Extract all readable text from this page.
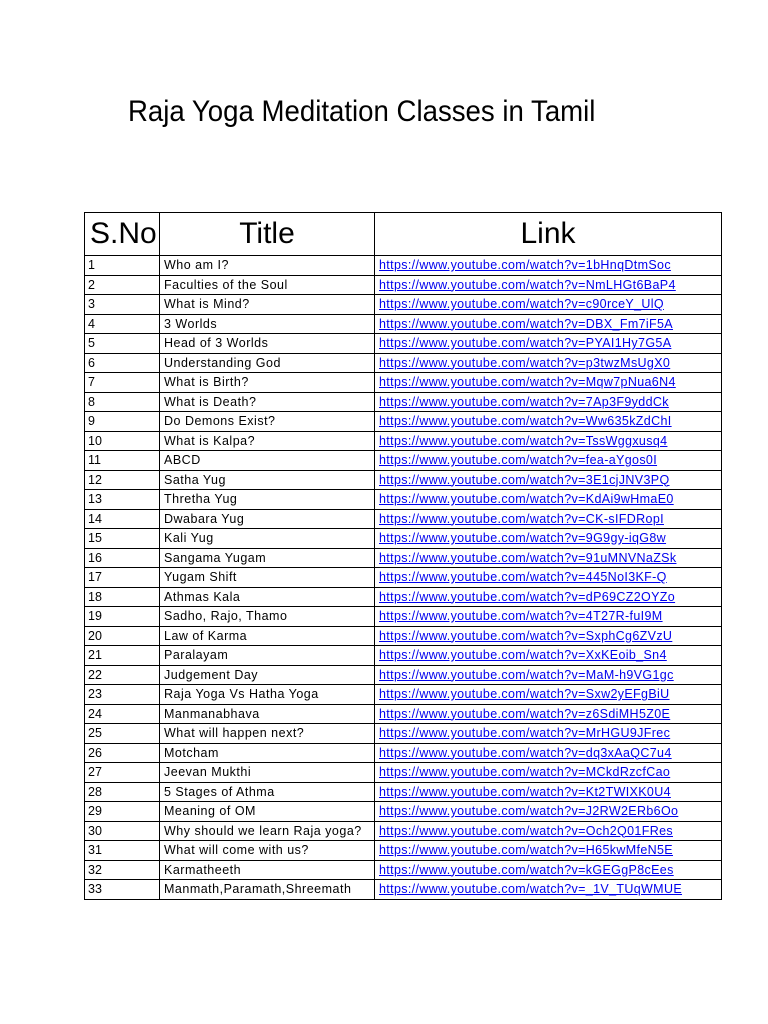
Raja Yoga Meditation Classes in Tamil
S.No	Title	Link
1	Who am I?	https://www.youtube.com/watch?v=1bHnqDtmSoc
2	Faculties of the Soul	https://www.youtube.com/watch?v=NmLHGt6BaP4
3	What is Mind?	https://www.youtube.com/watch?v=c90rceY_UlQ
4	3 Worlds	https://www.youtube.com/watch?v=DBX_Fm7iF5A
5	Head of 3 Worlds	https://www.youtube.com/watch?v=PYAI1Hy7G5A
6	Understanding God	https://www.youtube.com/watch?v=p3twzMsUgX0
7	What is Birth?	https://www.youtube.com/watch?v=Mqw7pNua6N4
8	What is Death?	https://www.youtube.com/watch?v=7Ap3F9yddCk
9	Do Demons Exist?	https://www.youtube.com/watch?v=Ww635kZdChI
10	What is Kalpa?	https://www.youtube.com/watch?v=TssWggxusq4
11	ABCD	https://www.youtube.com/watch?v=fea-aYgos0I
12	Satha Yug	https://www.youtube.com/watch?v=3E1cjJNV3PQ
13	Thretha Yug	https://www.youtube.com/watch?v=KdAi9wHmaE0
14	Dwabara Yug	https://www.youtube.com/watch?v=CK-sIFDRopI
15	Kali Yug	https://www.youtube.com/watch?v=9G9gy-iqG8w
16	Sangama Yugam	https://www.youtube.com/watch?v=91uMNVNaZSk
17	Yugam Shift	https://www.youtube.com/watch?v=445NoI3KF-Q
18	Athmas Kala	https://www.youtube.com/watch?v=dP69CZ2OYZo
19	Sadho, Rajo, Thamo	https://www.youtube.com/watch?v=4T27R-fuI9M
20	Law of Karma	https://www.youtube.com/watch?v=SxphCg6ZVzU
21	Paralayam	https://www.youtube.com/watch?v=XxKEoib_Sn4
22	Judgement Day	https://www.youtube.com/watch?v=MaM-h9VG1gc
23	Raja Yoga Vs Hatha Yoga	https://www.youtube.com/watch?v=Sxw2yEFgBiU
24	Manmanabhava	https://www.youtube.com/watch?v=z6SdiMH5Z0E
25	What will happen next?	https://www.youtube.com/watch?v=MrHGU9JFrec
26	Motcham	https://www.youtube.com/watch?v=dq3xAaQC7u4
27	Jeevan Mukthi	https://www.youtube.com/watch?v=MCkdRzcfCao
28	5 Stages of Athma	https://www.youtube.com/watch?v=Kt2TWIXK0U4
29	Meaning of OM	https://www.youtube.com/watch?v=J2RW2ERb6Oo
30	Why should we learn Raja yoga?	https://www.youtube.com/watch?v=Och2Q01FRes
31	What will come with us?	https://www.youtube.com/watch?v=H65kwMfeN5E
32	Karmatheeth	https://www.youtube.com/watch?v=kGEGgP8cEes
33	Manmath,Paramath,Shreemath	https://www.youtube.com/watch?v=_1V_TUqWMUE
